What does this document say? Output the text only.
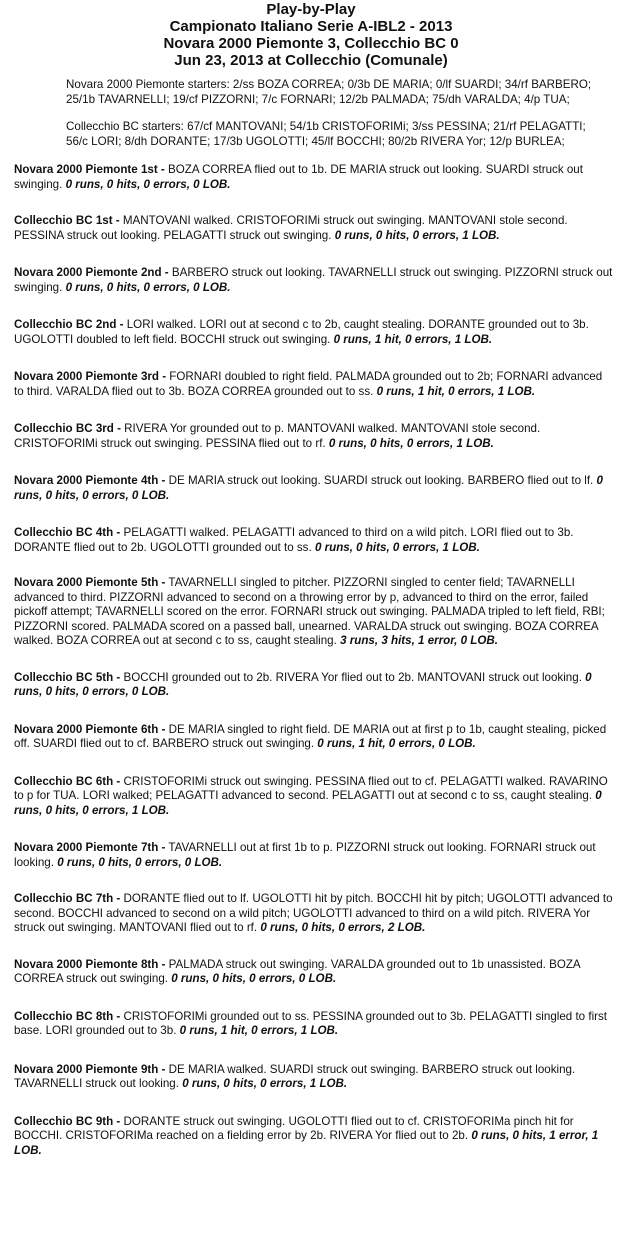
Play-by-Play
Campionato Italiano Serie A-IBL2 - 2013
Novara 2000 Piemonte 3, Collecchio BC 0
Jun 23, 2013 at Collecchio (Comunale)

Novara 2000 Piemonte starters: 2/ss BOZA CORREA; 0/3b DE MARIA; 0/lf SUARDI; 34/rf BARBERO; 25/1b TAVARNELLI; 19/cf PIZZORNI; 7/c FORNARI; 12/2b PALMADA; 75/dh VARALDA; 4/p TUA;

Collecchio BC starters: 67/cf MANTOVANI; 54/1b CRISTOFORIMi; 3/ss PESSINA; 21/rf PELAGATTI; 56/c LORI; 8/dh DORANTE; 17/3b UGOLOTTI; 45/lf BOCCHI; 80/2b RIVERA Yor; 12/p BURLEA;

Novara 2000 Piemonte 1st - BOZA CORREA flied out to 1b. DE MARIA struck out looking. SUARDI struck out swinging. 0 runs, 0 hits, 0 errors, 0 LOB.

Collecchio BC 1st - MANTOVANI walked. CRISTOFORIMi struck out swinging. MANTOVANI stole second. PESSINA struck out looking. PELAGATTI struck out swinging. 0 runs, 0 hits, 0 errors, 1 LOB.

Novara 2000 Piemonte 2nd - BARBERO struck out looking. TAVARNELLI struck out swinging. PIZZORNI struck out swinging. 0 runs, 0 hits, 0 errors, 0 LOB.

Collecchio BC 2nd - LORI walked. LORI out at second c to 2b, caught stealing. DORANTE grounded out to 3b. UGOLOTTI doubled to left field. BOCCHI struck out swinging. 0 runs, 1 hit, 0 errors, 1 LOB.

Novara 2000 Piemonte 3rd - FORNARI doubled to right field. PALMADA grounded out to 2b; FORNARI advanced to third. VARALDA flied out to 3b. BOZA CORREA grounded out to ss. 0 runs, 1 hit, 0 errors, 1 LOB.

Collecchio BC 3rd - RIVERA Yor grounded out to p. MANTOVANI walked. MANTOVANI stole second. CRISTOFORIMi struck out swinging. PESSINA flied out to rf. 0 runs, 0 hits, 0 errors, 1 LOB.

Novara 2000 Piemonte 4th - DE MARIA struck out looking. SUARDI struck out looking. BARBERO flied out to lf. 0 runs, 0 hits, 0 errors, 0 LOB.

Collecchio BC 4th - PELAGATTI walked. PELAGATTI advanced to third on a wild pitch. LORI flied out to 3b. DORANTE flied out to 2b. UGOLOTTI grounded out to ss. 0 runs, 0 hits, 0 errors, 1 LOB.

Novara 2000 Piemonte 5th - TAVARNELLI singled to pitcher. PIZZORNI singled to center field; TAVARNELLI advanced to third. PIZZORNI advanced to second on a throwing error by p, advanced to third on the error, failed pickoff attempt; TAVARNELLI scored on the error. FORNARI struck out swinging. PALMADA tripled to left field, RBI; PIZZORNI scored. PALMADA scored on a passed ball, unearned. VARALDA struck out swinging. BOZA CORREA walked. BOZA CORREA out at second c to ss, caught stealing. 3 runs, 3 hits, 1 error, 0 LOB.

Collecchio BC 5th - BOCCHI grounded out to 2b. RIVERA Yor flied out to 2b. MANTOVANI struck out looking. 0 runs, 0 hits, 0 errors, 0 LOB.

Novara 2000 Piemonte 6th - DE MARIA singled to right field. DE MARIA out at first p to 1b, caught stealing, picked off. SUARDI flied out to cf. BARBERO struck out swinging. 0 runs, 1 hit, 0 errors, 0 LOB.

Collecchio BC 6th - CRISTOFORIMi struck out swinging. PESSINA flied out to cf. PELAGATTI walked. RAVARINO to p for TUA. LORI walked; PELAGATTI advanced to second. PELAGATTI out at second c to ss, caught stealing. 0 runs, 0 hits, 0 errors, 1 LOB.

Novara 2000 Piemonte 7th - TAVARNELLI out at first 1b to p. PIZZORNI struck out looking. FORNARI struck out looking. 0 runs, 0 hits, 0 errors, 0 LOB.

Collecchio BC 7th - DORANTE flied out to lf. UGOLOTTI hit by pitch. BOCCHI hit by pitch; UGOLOTTI advanced to second. BOCCHI advanced to second on a wild pitch; UGOLOTTI advanced to third on a wild pitch. RIVERA Yor struck out swinging. MANTOVANI flied out to rf. 0 runs, 0 hits, 0 errors, 2 LOB.

Novara 2000 Piemonte 8th - PALMADA struck out swinging. VARALDA grounded out to 1b unassisted. BOZA CORREA struck out swinging. 0 runs, 0 hits, 0 errors, 0 LOB.

Collecchio BC 8th - CRISTOFORIMi grounded out to ss. PESSINA grounded out to 3b. PELAGATTI singled to first base. LORI grounded out to 3b. 0 runs, 1 hit, 0 errors, 1 LOB.

Novara 2000 Piemonte 9th - DE MARIA walked. SUARDI struck out swinging. BARBERO struck out looking. TAVARNELLI struck out looking. 0 runs, 0 hits, 0 errors, 1 LOB.

Collecchio BC 9th - DORANTE struck out swinging. UGOLOTTI flied out to cf. CRISTOFORIMa pinch hit for BOCCHI. CRISTOFORIMa reached on a fielding error by 2b. RIVERA Yor flied out to 2b. 0 runs, 0 hits, 1 error, 1 LOB.
